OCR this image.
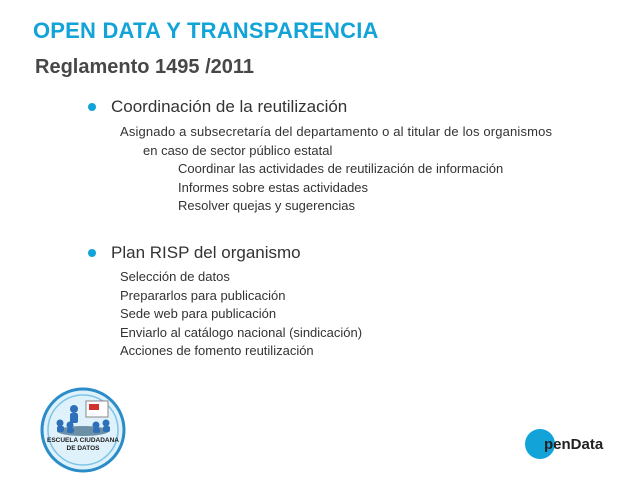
OPEN DATA Y TRANSPARENCIA
Reglamento 1495 /2011
Coordinación de la reutilización
Asignado a subsecretaría del departamento o al titular de los organismos
en caso de sector público estatal
Coordinar las actividades de reutilización de información
Informes sobre estas actividades
Resolver quejas y sugerencias
Plan RISP del organismo
Selección de datos
Prepararlos para publicación
Sede web para publicación
Enviarlo al catálogo nacional (sindicación)
Acciones de fomento reutilización
ESCUELA CIUDADANA
DE DATOS	penData
